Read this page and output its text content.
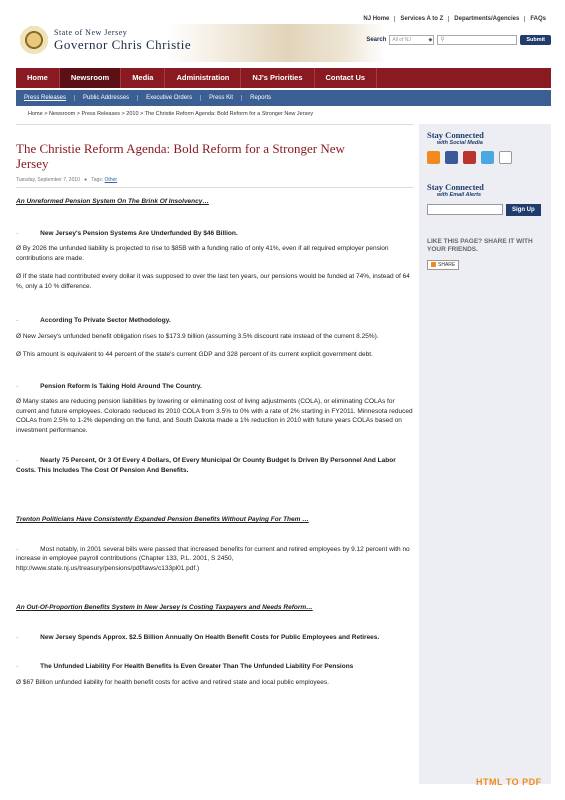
NJ Home	Services A to Z	Departments/Agencies	FAQs
State of New Jersey
Governor Chris Christie	Search	All of NJ ◆	⚲	Submit
Home	Newsroom	Media	Administration	NJ's Priorities	Contact Us
Press Releases	Public Addresses	Executive Orders	Press Kit	Reports
Home > Newsroom > Press Releases > 2010 > The Christie Reform Agenda: Bold Reform for a Stronger New Jersey
The Christie Reform Agenda: Bold Reform for a Stronger New Jersey
Tuesday, September 7, 2010   ●   Tags: Other
An Unreformed Pension System On The Brink Of Insolvency…
·	New Jersey's Pension Systems Are Underfunded By $46 Billion.
Ø By 2026 the unfunded liability is projected to rise to $85B with a funding ratio of only 41%, even if all required employer pension contributions are made.
Ø If the state had contributed every dollar it was supposed to over the last ten years, our pensions would be funded at 74%, instead of 64 %, only a 10 % difference.
·	According To Private Sector Methodology.
Ø New Jersey's unfunded benefit obligation rises to $173.9 billion (assuming 3.5% discount rate instead of the current 8.25%).
Ø This amount is equivalent to 44 percent of the state's current GDP and 328 percent of its current explicit government debt.
·	Pension Reform Is Taking Hold Around The Country.
Ø Many states are reducing pension liabilities by lowering or eliminating cost of living adjustments (COLA), or eliminating COLAs for current and future employees. Colorado reduced its 2010 COLA from 3.5% to 0% with a rate of 2% starting in FY2011. Minnesota reduced COLAs from 2.5% to 1-2% depending on the fund, and South Dakota made a 1% reduction in 2010 with future years COLAs based on investment performance.
·	Nearly 75 Percent, Or 3 Of Every 4 Dollars, Of Every Municipal Or County Budget Is Driven By Personnel And Labor Costs. This Includes The Cost Of Pension And Benefits.
Trenton Politicians Have Consistently Expanded Pension Benefits Without Paying For Them …
·	Most notably, in 2001 several bills were passed that increased benefits for current and retired employees by 9.12 percent with no increase in employee payroll contributions (Chapter 133, P.L. 2001, S 2450, http://www.state.nj.us/treasury/pensions/pdf/laws/c133pl01.pdf.)
An Out-Of-Proportion Benefits System In New Jersey Is Costing Taxpayers and Needs Reform…
·	New Jersey Spends Approx. $2.5 Billion Annually On Health Benefit Costs for Public Employees and Retirees.
·	The Unfunded Liability For Health Benefits Is Even Greater Than The Unfunded Liability For Pensions
Ø $67 Billion unfunded liability for health benefit costs for active and retired state and local public employees.
Stay Connected
with Social Media
Stay Connected
with Email Alerts
Sign Up
LIKE THIS PAGE? SHARE IT WITH YOUR FRIENDS.
SHARE
HTML TO PDF
